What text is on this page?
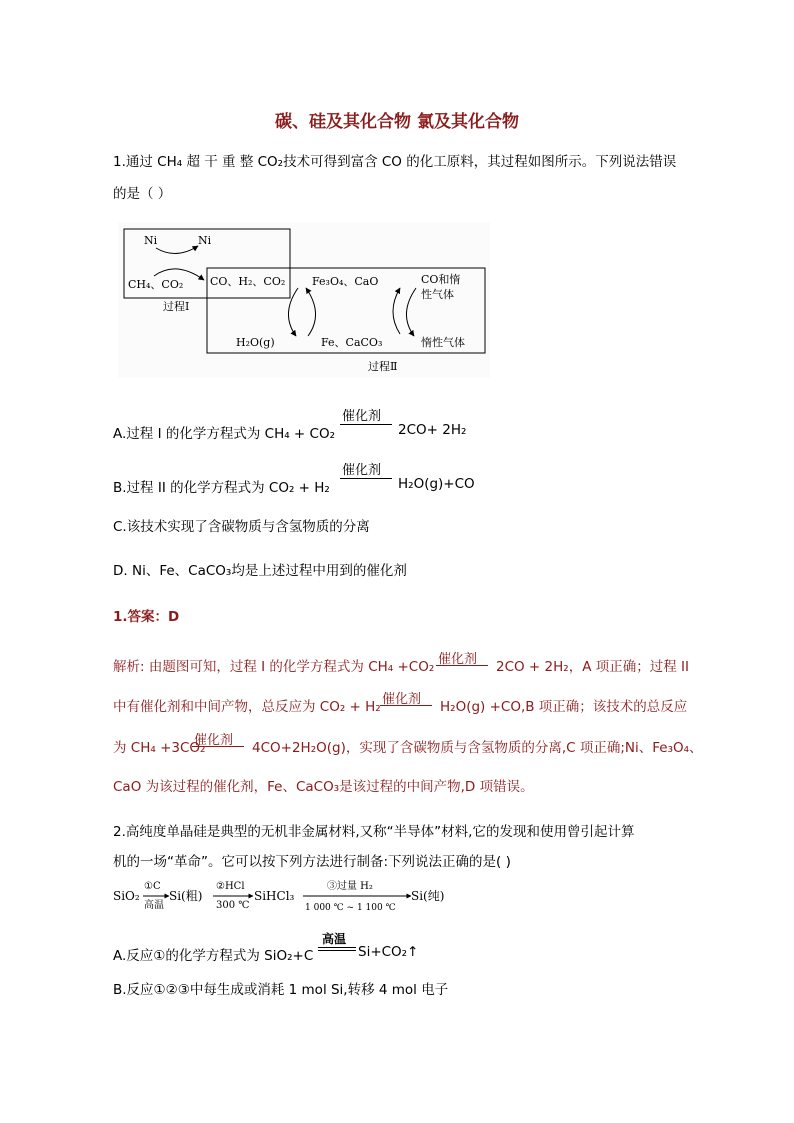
碳、硅及其化合物 氯及其化合物
1.通过 CH₄ 超 干 重 整 CO₂技术可得到富含 CO 的化工原料，其过程如图所示。下列说法错误
的是（ ）
Ni	Ni
CH₄、CO₂ CO、H₂、CO₂ Fe₃O₄、CaO	CO和惰
性气体
过程Ⅰ
H₂O(g)	Fe、CaCO₃	惰性气体
过程Ⅱ
A.过程 I 的化学方程式为 CH₄ + CO₂
催化剂
2CO+ 2H₂
B.过程 II 的化学方程式为 CO₂ + H₂
催化剂
H₂O(g)+CO
C.该技术实现了含碳物质与含氢物质的分离
D. Ni、Fe、CaCO₃均是上述过程中用到的催化剂
1.答案：D
解析: 由题图可知，过程 I 的化学方程式为 CH₄ +CO₂ 催化剂 2CO + 2H₂，A 项正确；过程 II
中有催化剂和中间产物，总反应为 CO₂ + H₂ 催化剂 H₂O(g) +CO,B 项正确；该技术的总反应
为 CH₄ +3CO₂
催化剂 4CO+2H₂O(g)，实现了含碳物质与含氢物质的分离,C 项正确;Ni、Fe₃O₄、
CaO 为该过程的催化剂，Fe、CaCO₃是该过程的中间产物,D 项错误。
2.高纯度单晶硅是典型的无机非金属材料,又称“半导体”材料,它的发现和使用曾引起计算
机的一场“革命”。它可以按下列方法进行制备:下列说法正确的是( )
SiO₂
①C
高温
Si(粗)
②HCl
300 ℃
SiHCl₃
③过量 H₂
1 000 ℃ ~ 1 100 ℃
Si(纯)
A.反应①的化学方程式为 SiO₂+C
高温
Si+CO₂↑
B.反应①②③中每生成或消耗 1 mol Si,转移 4 mol 电子
